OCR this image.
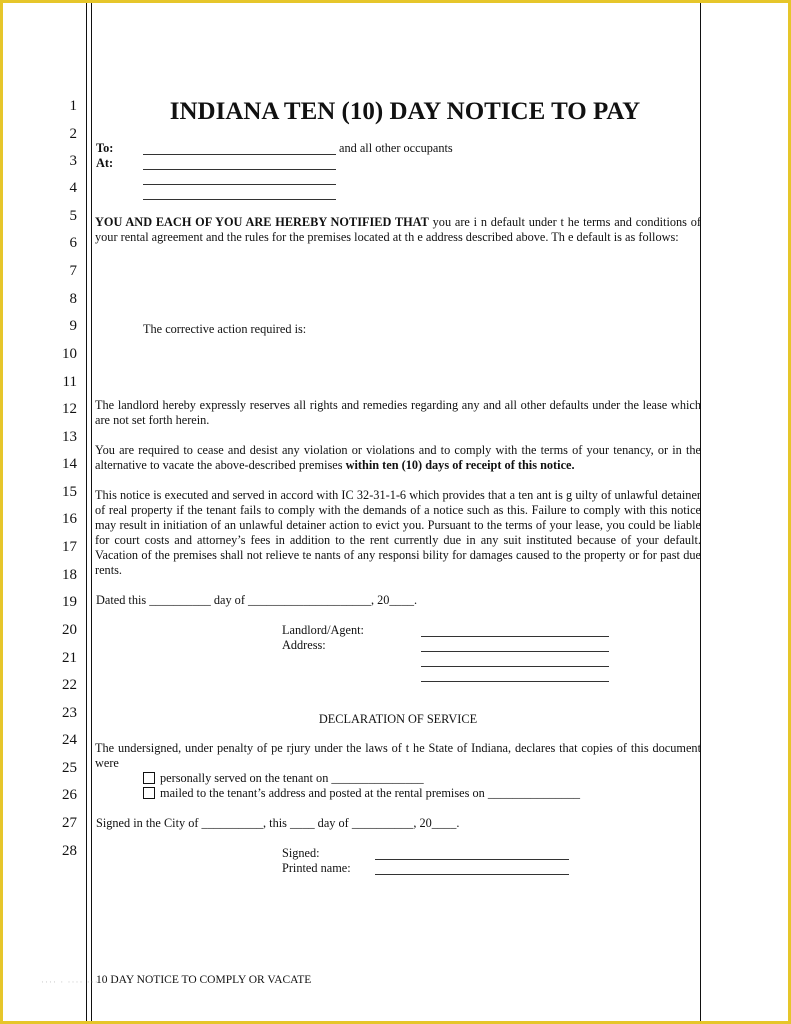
1
2
3
4
5
6
7
8
9
10
11
12
13
14
15
16
17
18
19
20
21
22
23
24
25
26
27
28
INDIANA TEN (10) DAY NOTICE TO PAY
To:
At:
and all other occupants
YOU AND EACH OF YOU ARE HEREBY NOTIFIED THAT you are i n default under t he terms and conditions of your rental agreement and the rules for the premises located at th e address described above. Th e default is as follows:
The corrective action required is:
The landlord hereby expressly reserves all rights and remedies regarding any and all other defaults under the lease which are not set forth herein.
You are required to cease and desist any violation or violations and to comply with the terms of your tenancy, or in the alternative to vacate the above-described premises within ten (10) days of receipt of this notice.
This notice is executed and served in accord with IC 32-31-1-6 which provides that a ten ant is g uilty of unlawful detainer of real property if the tenant fails to comply with the demands of a notice such as this. Failure to comply with this notice may result in initiation of an unlawful detainer action to evict you. Pursuant to the terms of your lease, you could be liable for court costs and attorney’s fees in addition to the rent currently due in any suit instituted because of your default. Vacation of the premises shall not relieve te nants of any responsi bility for damages caused to the property or for past due rents.
Dated this __________ day of ____________________, 20____.
Landlord/Agent:
Address:
DECLARATION OF SERVICE
The undersigned, under penalty of pe rjury under the laws of t he State of Indiana, declares that copies of this document were
personally served on the tenant on _______________
mailed to the tenant’s address and posted at the rental premises on _______________
Signed in the City of __________, this ____ day of __________, 20____.
Signed:
Printed name:
···· · ···· ···
10 DAY NOTICE TO COMPLY OR VACATE
